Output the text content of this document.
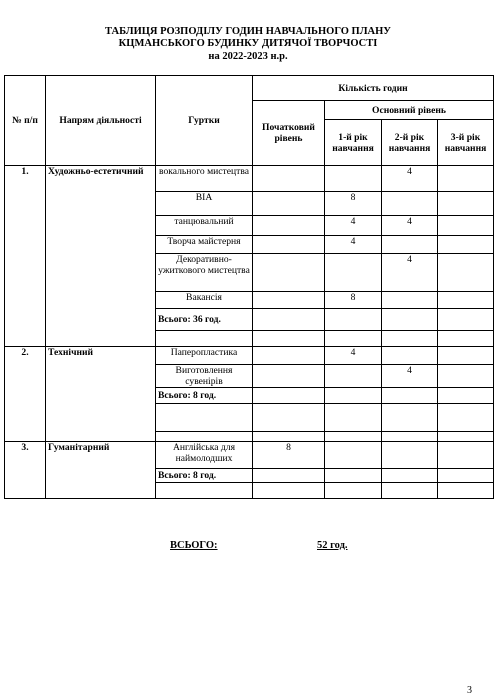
ТАБЛИЦЯ РОЗПОДІЛУ ГОДИН НАВЧАЛЬНОГО ПЛАНУ
КЦМАНСЬКОГО БУДИНКУ ДИТЯЧОЇ ТВОРЧОСТІ
на 2022-2023 н.р.
№ п/п	Напрям діяльності	Гуртки	Кількість годин			
			Початковий рівень	Основний рівень		
				1-й рік навчання	2-й рік навчання	3-й рік навчання
1.	Художньо-естетичний	вокального мистецтва			4	
		ВІА		8		
		танцювальний		4	4	
		Творча майстерня		4		
		Декоративно-ужиткового мистецтва			4	
		Вакансія		8		
		Всього: 36 год.				

2.	Технічний	Паперопластика		4		
		Виготовлення сувенірів			4	
		Всього: 8 год.				

3.	Гуманітарний	Англійська для наймолодших	8			
		Всього: 8 год.				

ВСЬОГО:	52 год.
3
